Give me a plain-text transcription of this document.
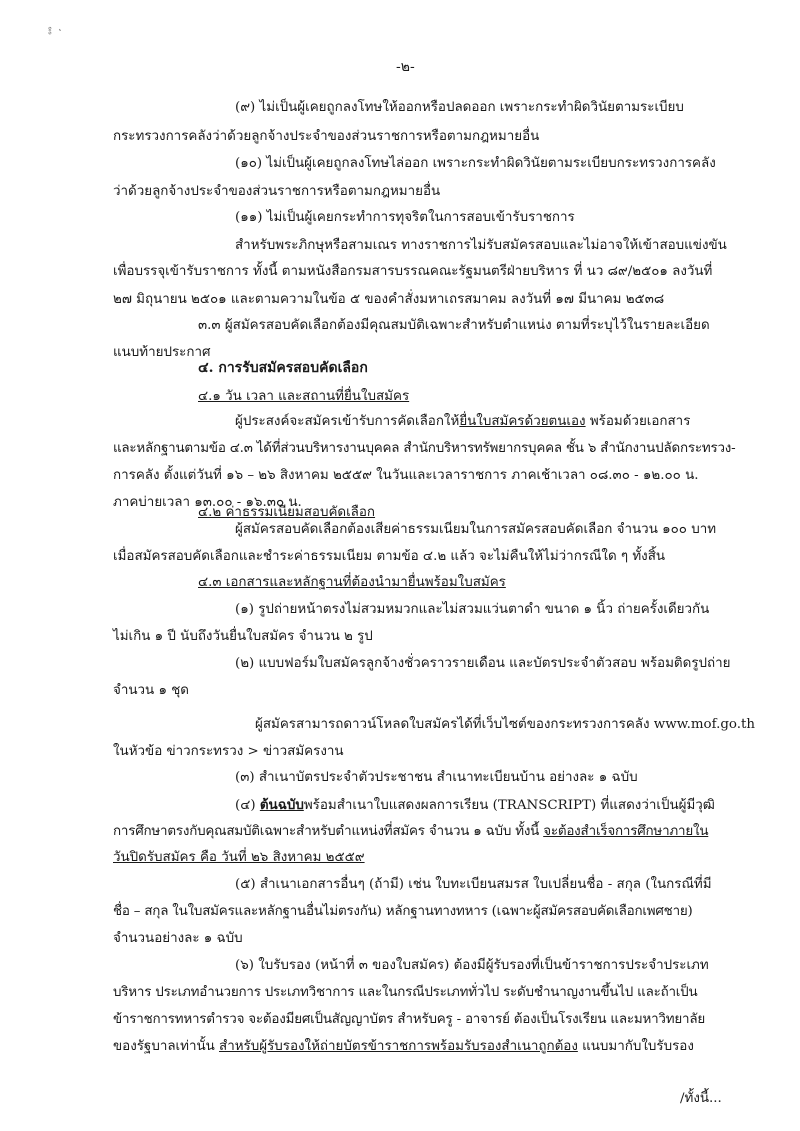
༔ ㆍ
-๒-
(๙) ไม่เป็นผู้เคยถูกลงโทษให้ออกหรือปลดออก เพราะกระทำผิดวินัยตามระเบียบ
กระทรวงการคลังว่าด้วยลูกจ้างประจำของส่วนราชการหรือตามกฎหมายอื่น
(๑๐) ไม่เป็นผู้เคยถูกลงโทษไล่ออก เพราะกระทำผิดวินัยตามระเบียบกระทรวงการคลัง
ว่าด้วยลูกจ้างประจำของส่วนราชการหรือตามกฎหมายอื่น
(๑๑) ไม่เป็นผู้เคยกระทำการทุจริตในการสอบเข้ารับราชการ
สำหรับพระภิกษุหรือสามเณร ทางราชการไม่รับสมัครสอบและไม่อาจให้เข้าสอบแข่งขัน
เพื่อบรรจุเข้ารับราชการ ทั้งนี้ ตามหนังสือกรมสารบรรณคณะรัฐมนตรีฝ่ายบริหาร ที่ นว ๘๙/๒๕๐๑ ลงวันที่
๒๗ มิถุนายน ๒๕๐๑ และตามความในข้อ ๕ ของคำสั่งมหาเถรสมาคม ลงวันที่ ๑๗ มีนาคม ๒๕๓๘
๓.๓ ผู้สมัครสอบคัดเลือกต้องมีคุณสมบัติเฉพาะสำหรับตำแหน่ง ตามที่ระบุไว้ในรายละเอียด
แนบท้ายประกาศ
๔. การรับสมัครสอบคัดเลือก
๔.๑ วัน เวลา และสถานที่ยื่นใบสมัคร
ผู้ประสงค์จะสมัครเข้ารับการคัดเลือกให้ยื่นใบสมัครด้วยตนเอง พร้อมด้วยเอกสาร
และหลักฐานตามข้อ ๔.๓ ได้ที่ส่วนบริหารงานบุคคล สำนักบริหารทรัพยากรบุคคล ชั้น ๖ สำนักงานปลัดกระทรวง-
การคลัง ตั้งแต่วันที่ ๑๖ – ๒๖ สิงหาคม ๒๕๕๙ ในวันและเวลาราชการ ภาคเช้าเวลา ๐๘.๓๐ - ๑๒.๐๐ น.
ภาคบ่ายเวลา ๑๓.๐๐ - ๑๖.๓๐ น.
๔.๒ ค่าธรรมเนียมสอบคัดเลือก
ผู้สมัครสอบคัดเลือกต้องเสียค่าธรรมเนียมในการสมัครสอบคัดเลือก จำนวน ๑๐๐ บาท
เมื่อสมัครสอบคัดเลือกและชำระค่าธรรมเนียม ตามข้อ ๔.๒ แล้ว จะไม่คืนให้ไม่ว่ากรณีใด ๆ ทั้งสิ้น
๔.๓ เอกสารและหลักฐานที่ต้องนำมายื่นพร้อมใบสมัคร
(๑) รูปถ่ายหน้าตรงไม่สวมหมวกและไม่สวมแว่นตาดำ ขนาด ๑ นิ้ว ถ่ายครั้งเดียวกัน
ไม่เกิน ๑ ปี นับถึงวันยื่นใบสมัคร จำนวน ๒ รูป
(๒) แบบฟอร์มใบสมัครลูกจ้างชั่วคราวรายเดือน และบัตรประจำตัวสอบ พร้อมติดรูปถ่าย
จำนวน ๑ ชุด
ผู้สมัครสามารถดาวน์โหลดใบสมัครได้ที่เว็บไซต์ของกระทรวงการคลัง www.mof.go.th
ในหัวข้อ ข่าวกระทรวง > ข่าวสมัครงาน
(๓) สำเนาบัตรประจำตัวประชาชน สำเนาทะเบียนบ้าน อย่างละ ๑ ฉบับ
(๔) ต้นฉบับพร้อมสำเนาใบแสดงผลการเรียน (TRANSCRIPT) ที่แสดงว่าเป็นผู้มีวุฒิ
การศึกษาตรงกับคุณสมบัติเฉพาะสำหรับตำแหน่งที่สมัคร จำนวน ๑ ฉบับ ทั้งนี้ จะต้องสำเร็จการศึกษาภายใน
วันปิดรับสมัคร คือ วันที่ ๒๖ สิงหาคม ๒๕๕๙
(๕) สำเนาเอกสารอื่นๆ (ถ้ามี) เช่น ใบทะเบียนสมรส ใบเปลี่ยนชื่อ - สกุล (ในกรณีที่มี
ชื่อ – สกุล ในใบสมัครและหลักฐานอื่นไม่ตรงกัน) หลักฐานทางทหาร (เฉพาะผู้สมัครสอบคัดเลือกเพศชาย)
จำนวนอย่างละ ๑ ฉบับ
(๖) ใบรับรอง (หน้าที่ ๓ ของใบสมัคร) ต้องมีผู้รับรองที่เป็นข้าราชการประจำประเภท
บริหาร ประเภทอำนวยการ ประเภทวิชาการ และในกรณีประเภททั่วไป ระดับชำนาญงานขึ้นไป และถ้าเป็น
ข้าราชการทหารตำรวจ จะต้องมียศเป็นสัญญาบัตร สำหรับครู - อาจารย์ ต้องเป็นโรงเรียน และมหาวิทยาลัย
ของรัฐบาลเท่านั้น สำหรับผู้รับรองให้ถ่ายบัตรข้าราชการพร้อมรับรองสำเนาถูกต้อง แนบมากับใบรับรอง
/ทั้งนี้...
